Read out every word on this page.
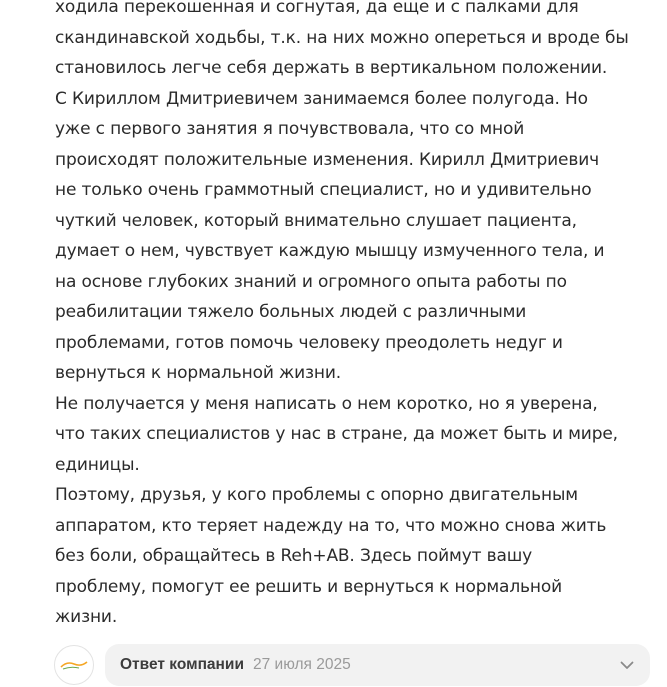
ходила перекошенная и согнутая, да еще и с палками для
скандинавской ходьбы, т.к. на них можно опереться и вроде бы
становилось легче себя держать в вертикальном положении.
С Кириллом Дмитриевичем занимаемся более полугода. Но
уже с первого занятия я почувствовала, что со мной
происходят положительные изменения. Кирилл Дмитриевич
не только очень граммотный специалист, но и удивительно
чуткий человек, который внимательно слушает пациента,
думает о нем, чувствует каждую мышцу измученного тела, и
на основе глубоких знаний и огромного опыта работы по
реабилитации тяжело больных людей с различными
проблемами, готов помочь человеку преодолеть недуг и
вернуться к нормальной жизни.
Не получается у меня написать о нем коротко, но я уверена,
что таких специалистов у нас в стране, да может быть и мире,
единицы.
Поэтому, друзья, у кого проблемы с опорно двигательным
аппаратом, кто теряет надежду на то, что можно снова жить
без боли, обращайтесь в Reh+AB. Здесь поймут вашу
проблему, помогут ее решить и вернуться к нормальной
жизни.
Ответ компании 27 июля 2025
